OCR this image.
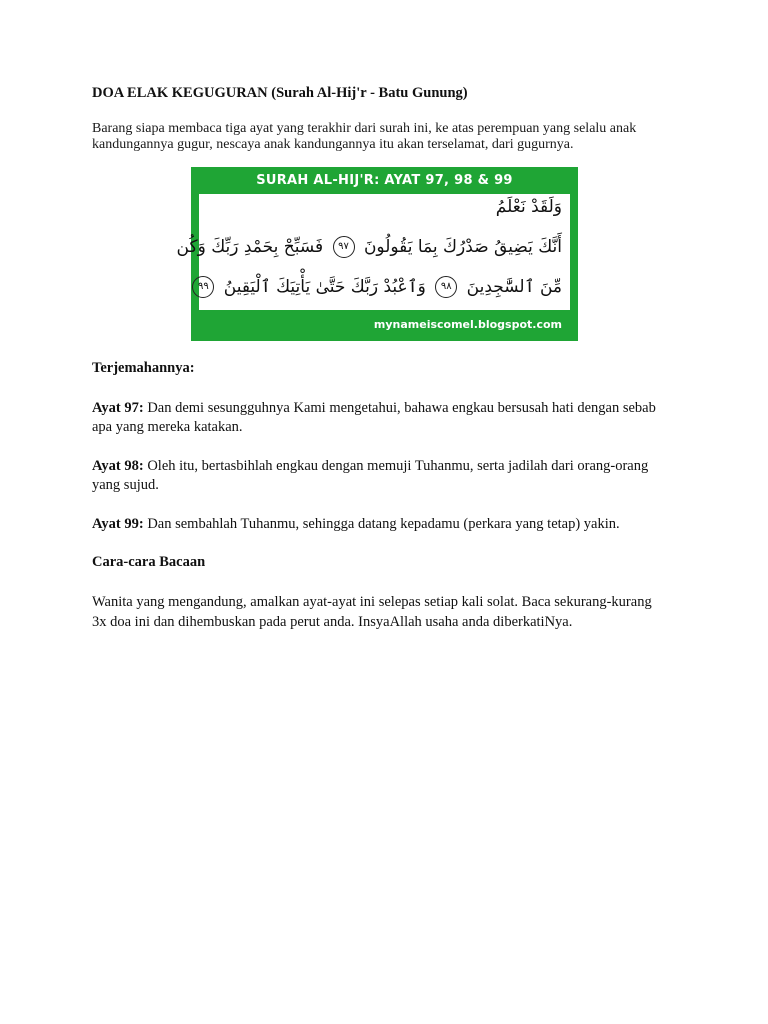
DOA ELAK KEGUGURAN (Surah Al-Hij'r - Batu Gunung)
Barang siapa membaca tiga ayat yang terakhir dari surah ini, ke atas perempuan yang selalu anak kandungannya gugur, nescaya anak kandungannya itu akan terselamat, dari gugurnya.
SURAH AL-HIJ'R: AYAT 97, 98 & 99
وَلَقَدْ نَعْلَمُ
أَنَّكَ يَضِيقُ صَدْرُكَ بِمَا يَقُولُونَ ٩٧ فَسَبِّحْ بِحَمْدِ رَبِّكَ وَكُن
مِّنَ ٱلسَّٰجِدِينَ ٩٨ وَٱعْبُدْ رَبَّكَ حَتَّىٰ يَأْتِيَكَ ٱلْيَقِينُ ٩٩
mynameiscomel.blogspot.com
Terjemahannya:
Ayat 97: Dan demi sesungguhnya Kami mengetahui, bahawa engkau bersusah hati dengan sebab apa yang mereka katakan.
Ayat 98: Oleh itu, bertasbihlah engkau dengan memuji Tuhanmu, serta jadilah dari orang-orang yang sujud.
Ayat 99: Dan sembahlah Tuhanmu, sehingga datang kepadamu (perkara yang tetap) yakin.
Cara-cara Bacaan
Wanita yang mengandung, amalkan ayat-ayat ini selepas setiap kali solat. Baca sekurang-kurang 3x doa ini dan dihembuskan pada perut anda. InsyaAllah usaha anda diberkatiNya.
